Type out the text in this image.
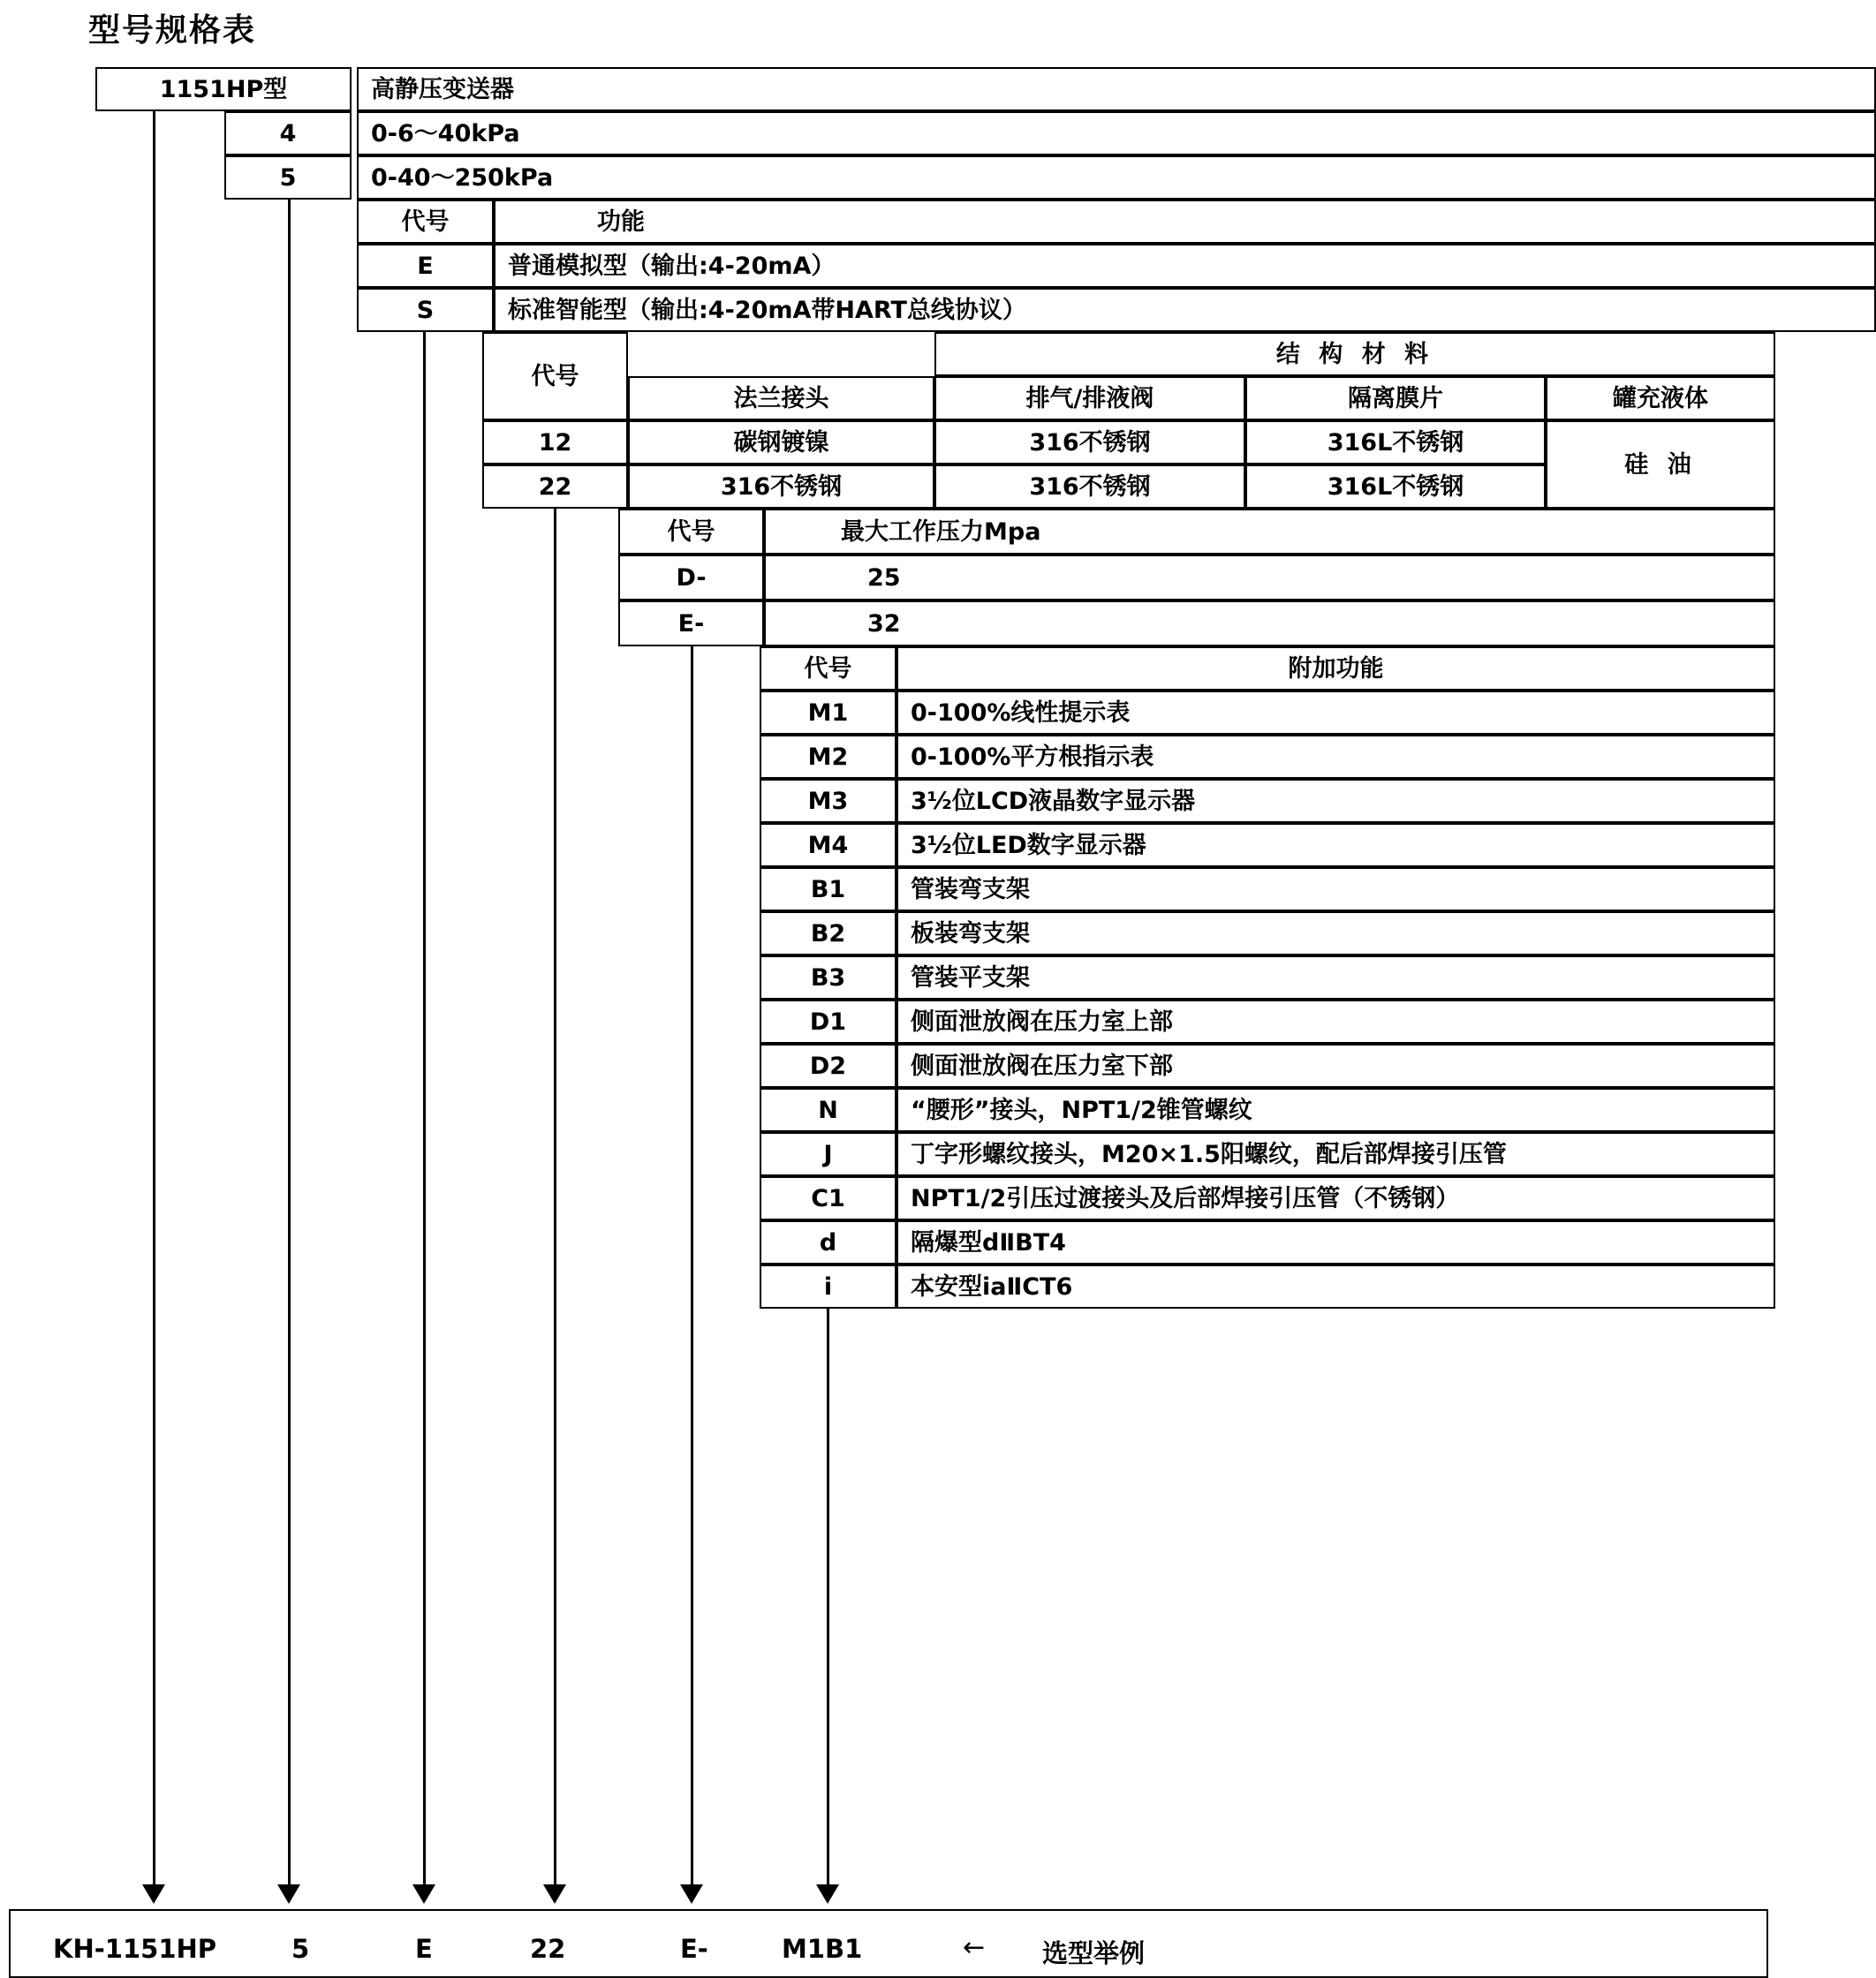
型号规格表
1151HP型	高静压变送器
4	0-6～40kPa
5	0-40～250kPa
代号	功能
E	普通模拟型（输出:4-20mA）
S	标准智能型（输出:4-20mA带HART总线协议）
结 构 材 料
代号
法兰接头	排气/排液阀	隔离膜片	罐充液体
12	碳钢镀镍	316不锈钢	316L不锈钢
22	316不锈钢	316不锈钢	316L不锈钢
硅 油
代号	最大工作压力Mpa
D-	25
E-	32
代号	附加功能
M1	0-100%线性提示表
M2	0-100%平方根指示表
M3	3½位LCD液晶数字显示器
M4	3½位LED数字显示器
B1	管装弯支架
B2	板装弯支架
B3	管装平支架
D1	侧面泄放阀在压力室上部
D2	侧面泄放阀在压力室下部
N	“腰形”接头，NPT1/2锥管螺纹
J	丁字形螺纹接头，M20×1.5阳螺纹，配后部焊接引压管
C1	NPT1/2引压过渡接头及后部焊接引压管（不锈钢）
d	隔爆型dⅡBT4
i	本安型iaⅡCT6
KH-1151HP	5	E	22	E-	M1B1	← 选型举例
